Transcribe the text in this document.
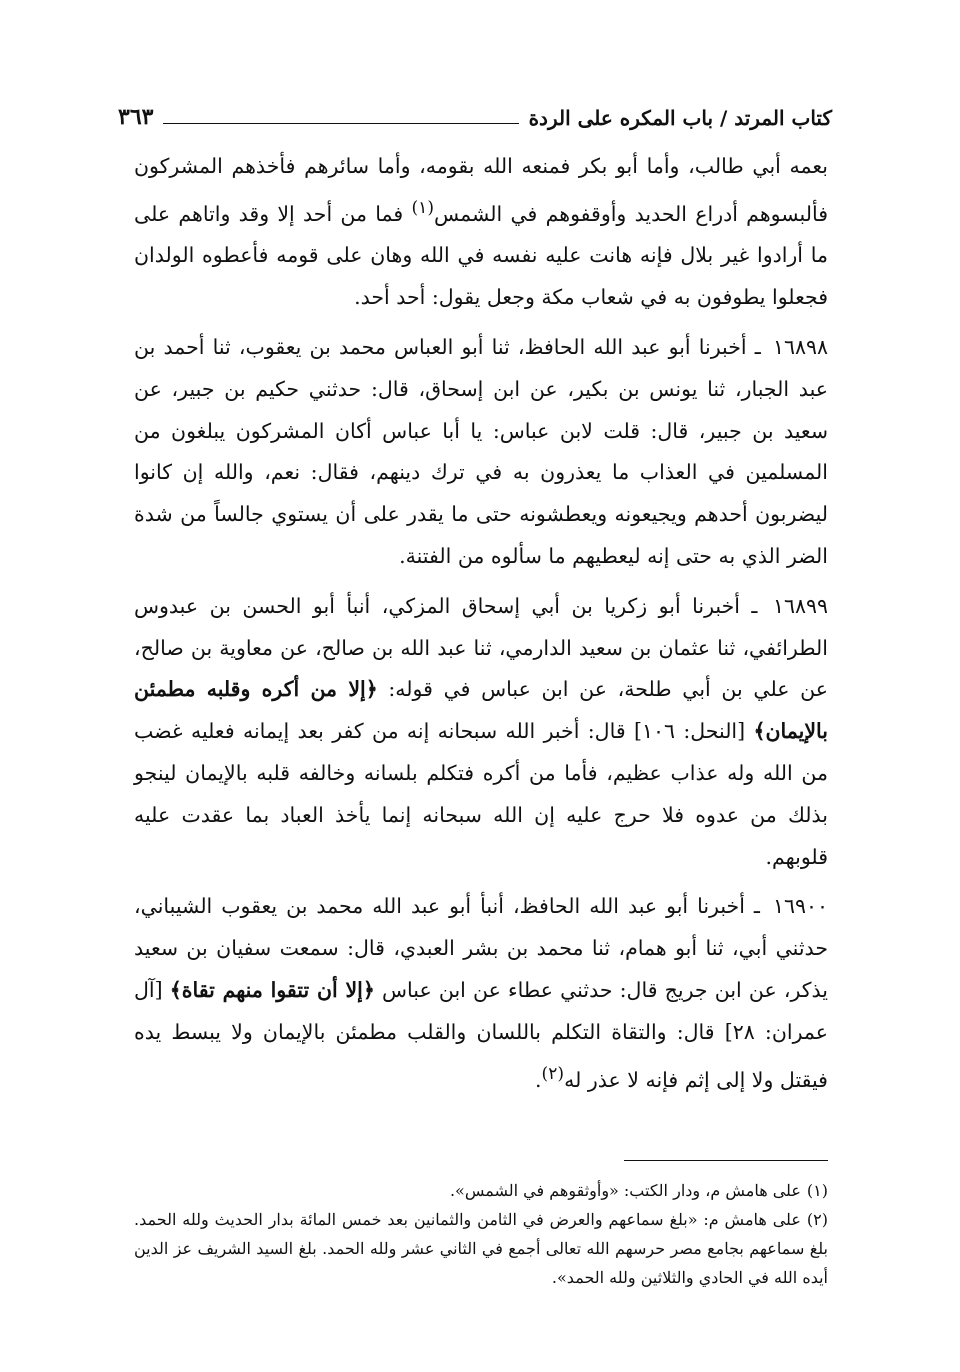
كتاب المرتد / باب المكره على الردة
٣٦٣

بعمه أبي طالب، وأما أبو بكر فمنعه الله بقومه، وأما سائرهم فأخذهم المشركون فألبسوهم أدراع الحديد وأوقفوهم في الشمس$^{(١)}$ فما من أحد إلا وقد واتاهم على ما أرادوا غير بلال فإنه هانت عليه نفسه في الله وهان على قومه فأعطوه الولدان فجعلوا يطوفون به في شعاب مكة وجعل يقول: أحد أحد.

١٦٨٩٨ ـ أخبرنا أبو عبد الله الحافظ، ثنا أبو العباس محمد بن يعقوب، ثنا أحمد بن عبد الجبار، ثنا يونس بن بكير، عن ابن إسحاق، قال: حدثني حكيم بن جبير، عن سعيد بن جبير، قال: قلت لابن عباس: يا أبا عباس أكان المشركون يبلغون من المسلمين في العذاب ما يعذرون به في ترك دينهم، فقال: نعم، والله إن كانوا ليضربون أحدهم ويجيعونه ويعطشونه حتى ما يقدر على أن يستوي جالساً من شدة الضر الذي به حتى إنه ليعطيهم ما سألوه من الفتنة.

١٦٨٩٩ ـ أخبرنا أبو زكريا بن أبي إسحاق المزكي، أنبأ أبو الحسن بن عبدوس الطرائفي، ثنا عثمان بن سعيد الدارمي، ثنا عبد الله بن صالح، عن معاوية بن صالح، عن علي بن أبي طلحة، عن ابن عباس في قوله: ﴿إلا من أكره وقلبه مطمئن بالإيمان﴾ [النحل: ١٠٦] قال: أخبر الله سبحانه إنه من كفر بعد إيمانه فعليه غضب من الله وله عذاب عظيم، فأما من أكره فتكلم بلسانه وخالفه قلبه بالإيمان لينجو بذلك من عدوه فلا حرج عليه إن الله سبحانه إنما يأخذ العباد بما عقدت عليه قلوبهم.

١٦٩٠٠ ـ أخبرنا أبو عبد الله الحافظ، أنبأ أبو عبد الله محمد بن يعقوب الشيباني، حدثني أبي، ثنا أبو همام، ثنا محمد بن بشر العبدي، قال: سمعت سفيان بن سعيد يذكر، عن ابن جريج قال: حدثني عطاء عن ابن عباس ﴿إلا أن تتقوا منهم تقاة﴾ [آل عمران: ٢٨] قال: والتقاة التكلم باللسان والقلب مطمئن بالإيمان ولا يبسط يده فيقتل ولا إلى إثم فإنه لا عذر له$^{(٢)}$.

(١)على هامش م، ودار الكتب: «وأوثقوهم في الشمس».

(٢)على هامش م: «بلغ سماعهم والعرض في الثامن والثمانين بعد خمس المائة بدار الحديث ولله الحمد. بلغ سماعهم بجامع مصر حرسهم الله تعالى أجمع في الثاني عشر ولله الحمد. بلغ السيد الشريف عز الدين أيده الله في الحادي والثلاثين ولله الحمد».
